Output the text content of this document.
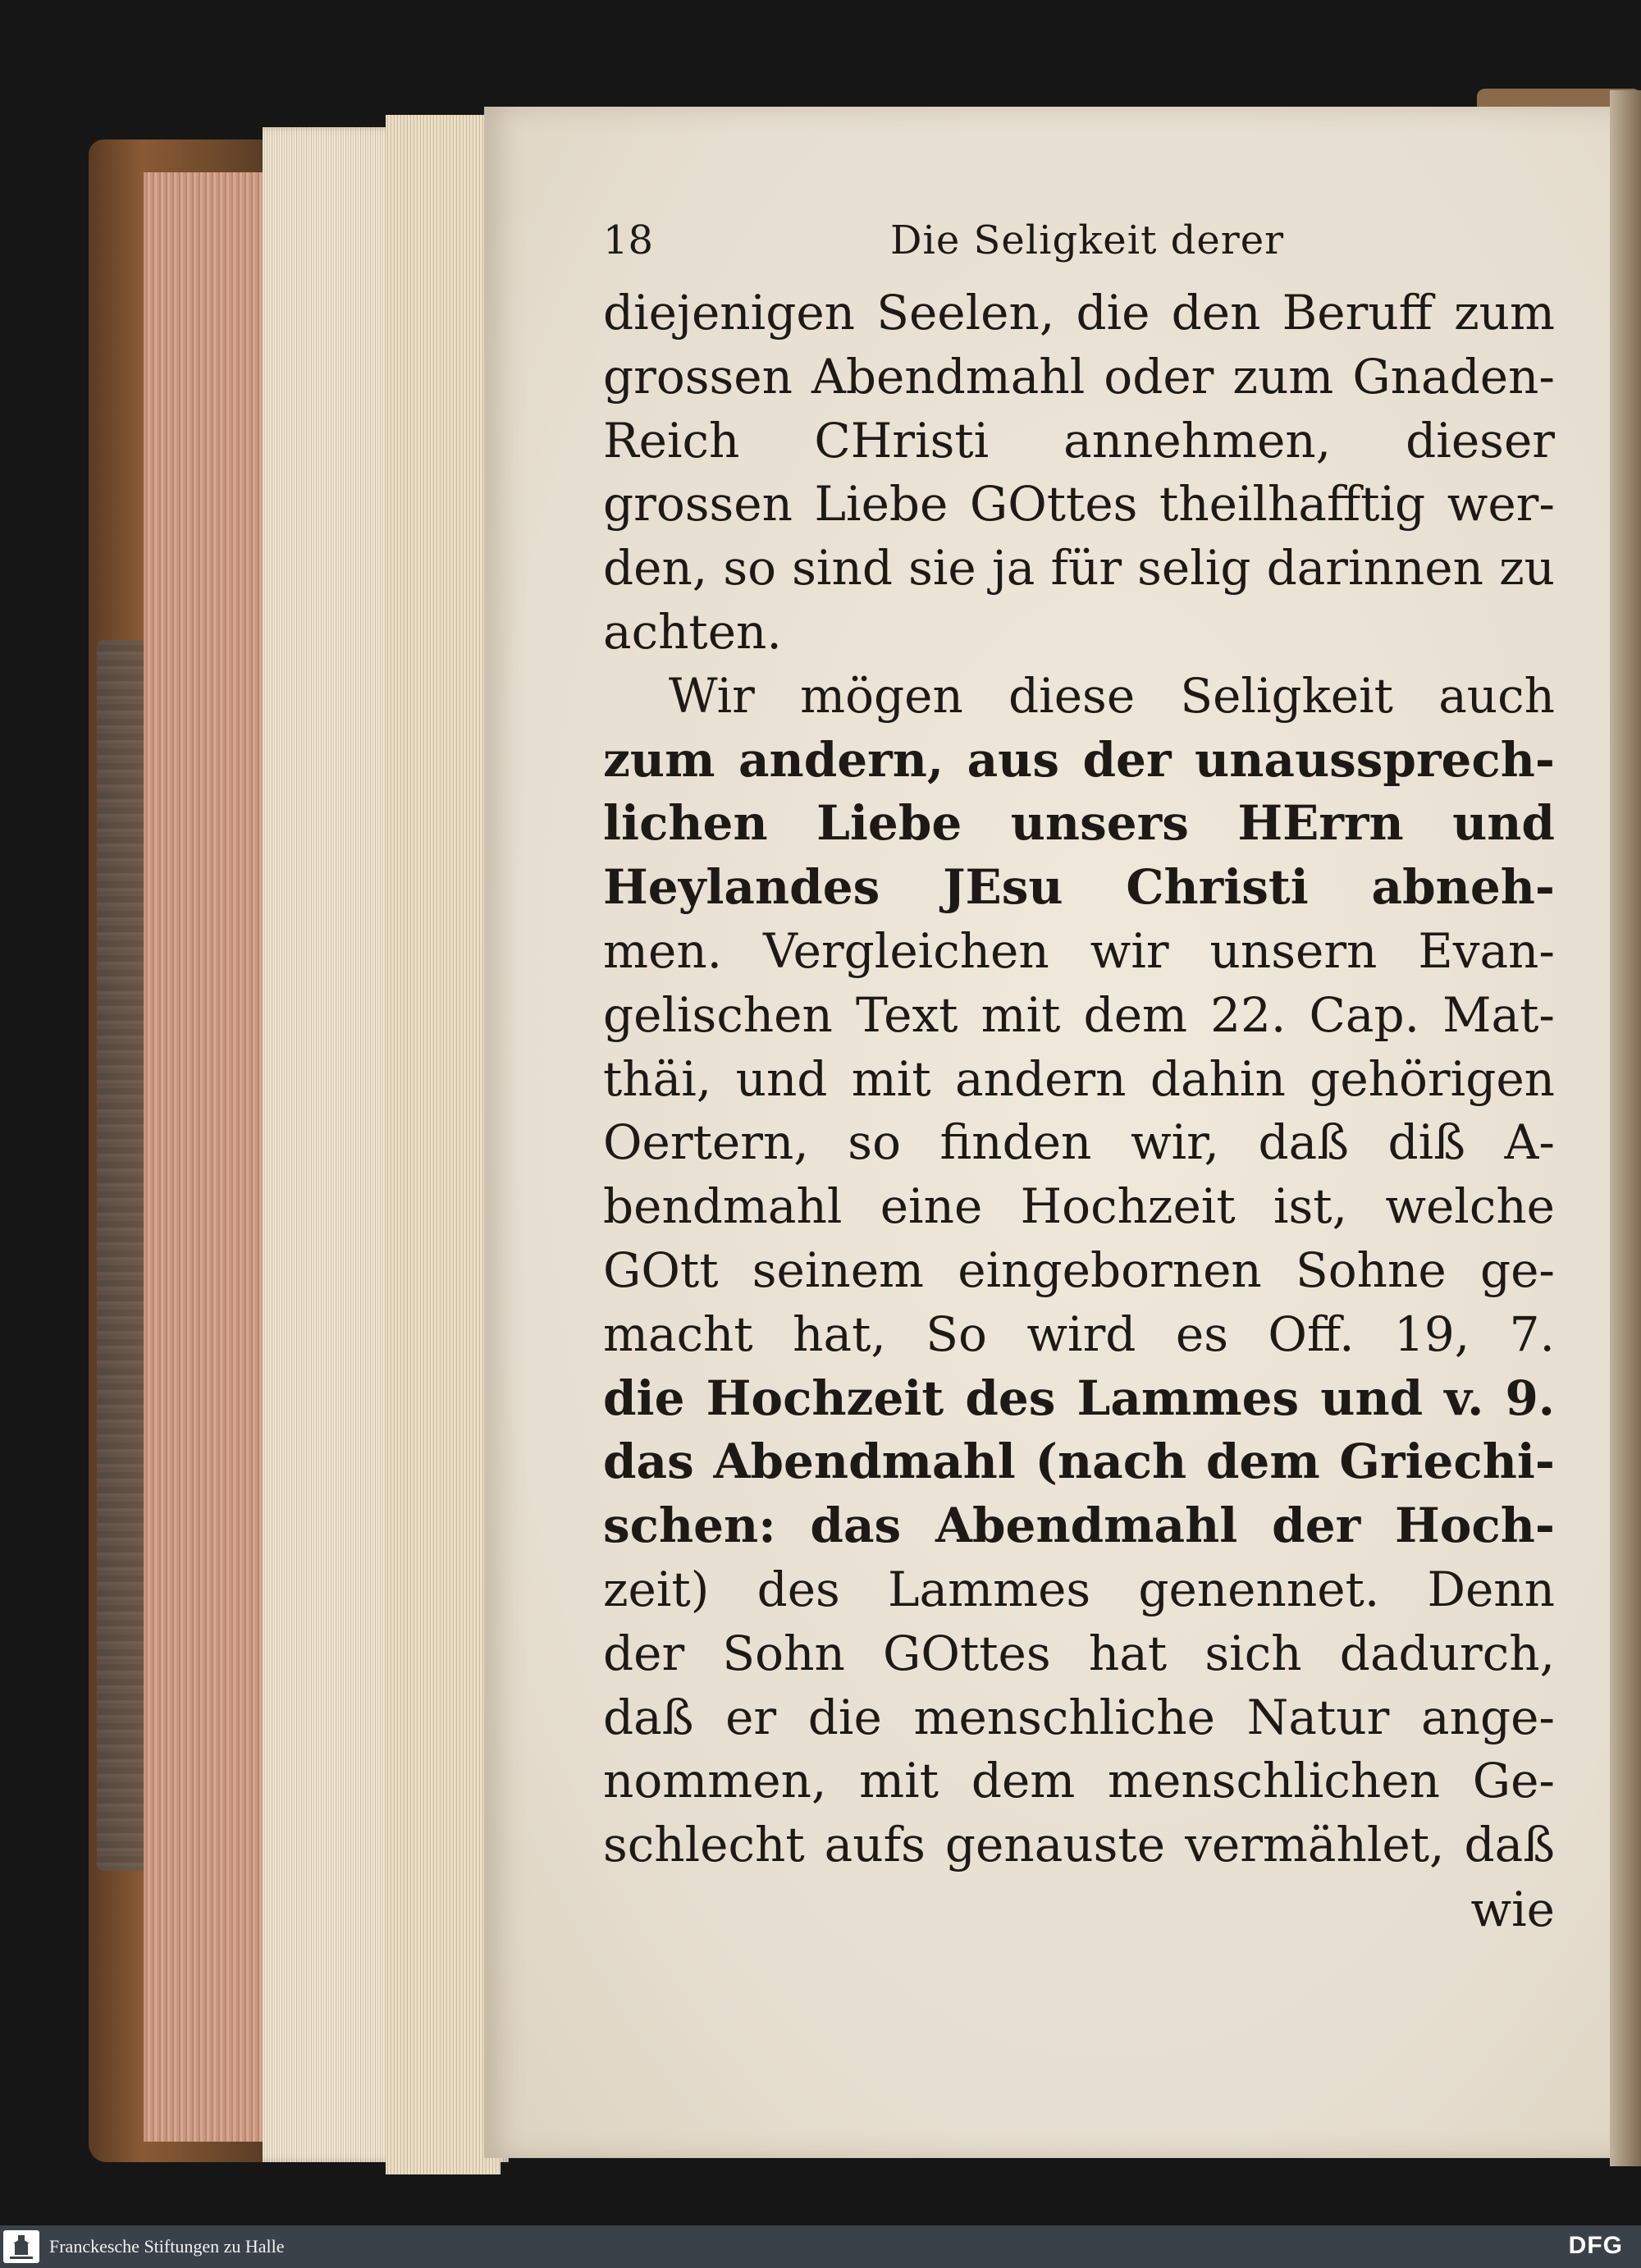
18	Die Seligkeit derer
diejenigen Seelen, die den Beruff zum
grossen Abendmahl oder zum Gnaden-
Reich CHristi annehmen, dieser
grossen Liebe GOttes theilhafftig wer-
den, so sind sie ja für selig darinnen zu
achten.
Wir mögen diese Seligkeit auch
zum andern, aus der unaussprech-
lichen Liebe unsers HErrn und
Heylandes JEsu Christi abneh-
men. Vergleichen wir unsern Evan-
gelischen Text mit dem 22. Cap. Mat-
thäi, und mit andern dahin gehörigen
Oertern, so finden wir, daß diß A-
bendmahl eine Hochzeit ist, welche
GOtt seinem eingebornen Sohne ge-
macht hat, So wird es Off. 19, 7.
die Hochzeit des Lammes und v. 9.
das Abendmahl (nach dem Griechi-
schen: das Abendmahl der Hoch-
zeit) des Lammes genennet. Denn
der Sohn GOttes hat sich dadurch,
daß er die menschliche Natur ange-
nommen, mit dem menschlichen Ge-
schlecht aufs genauste vermählet, daß
wie
Franckesche Stiftungen zu Halle	DFG
